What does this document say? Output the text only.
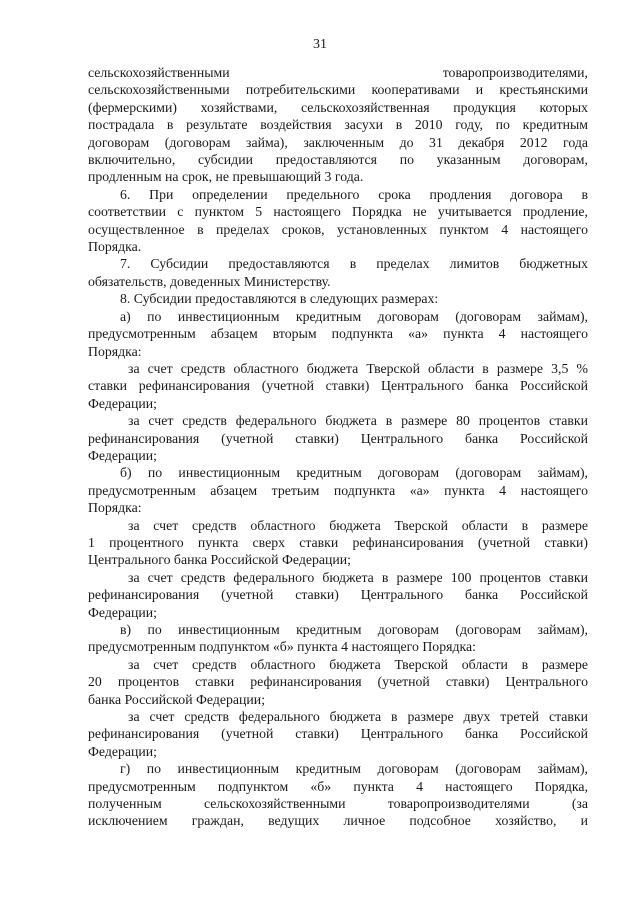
31
сельскохозяйственными товаропроизводителями,
сельскохозяйственными потребительскими кооперативами и крестьянскими
(фермерскими) хозяйствами, сельскохозяйственная продукция которых
пострадала в результате воздействия засухи в 2010 году, по кредитным
договорам (договорам займа), заключенным до 31 декабря 2012 года
включительно, субсидии предоставляются по указанным договорам,
продленным на срок, не превышающий 3 года.
6. При определении предельного срока продления договора в
соответствии с пунктом 5 настоящего Порядка не учитывается продление,
осуществленное в пределах сроков, установленных пунктом 4 настоящего
Порядка.
7. Субсидии предоставляются в пределах лимитов бюджетных
обязательств, доведенных Министерству.
8. Субсидии предоставляются в следующих размерах:
а) по инвестиционным кредитным договорам (договорам займам),
предусмотренным абзацем вторым подпункта «а» пункта 4 настоящего
Порядка:
за счет средств областного бюджета Тверской области в размере 3,5 %
ставки рефинансирования (учетной ставки) Центрального банка Российской
Федерации;
за счет средств федерального бюджета в размере 80 процентов ставки
рефинансирования (учетной ставки) Центрального банка Российской
Федерации;
б) по инвестиционным кредитным договорам (договорам займам),
предусмотренным абзацем третьим подпункта «а» пункта 4 настоящего
Порядка:
за счет средств областного бюджета Тверской области в размере
1 процентного пункта сверх ставки рефинансирования (учетной ставки)
Центрального банка Российской Федерации;
за счет средств федерального бюджета в размере 100 процентов ставки
рефинансирования (учетной ставки) Центрального банка Российской
Федерации;
в) по инвестиционным кредитным договорам (договорам займам),
предусмотренным подпунктом «б» пункта 4 настоящего Порядка:
за счет средств областного бюджета Тверской области в размере
20 процентов ставки рефинансирования (учетной ставки) Центрального
банка Российской Федерации;
за счет средств федерального бюджета в размере двух третей ставки
рефинансирования (учетной ставки) Центрального банка Российской
Федерации;
г) по инвестиционным кредитным договорам (договорам займам),
предусмотренным подпунктом «б» пункта 4 настоящего Порядка,
полученным сельскохозяйственными товаропроизводителями (за
исключением граждан, ведущих личное подсобное хозяйство, и
